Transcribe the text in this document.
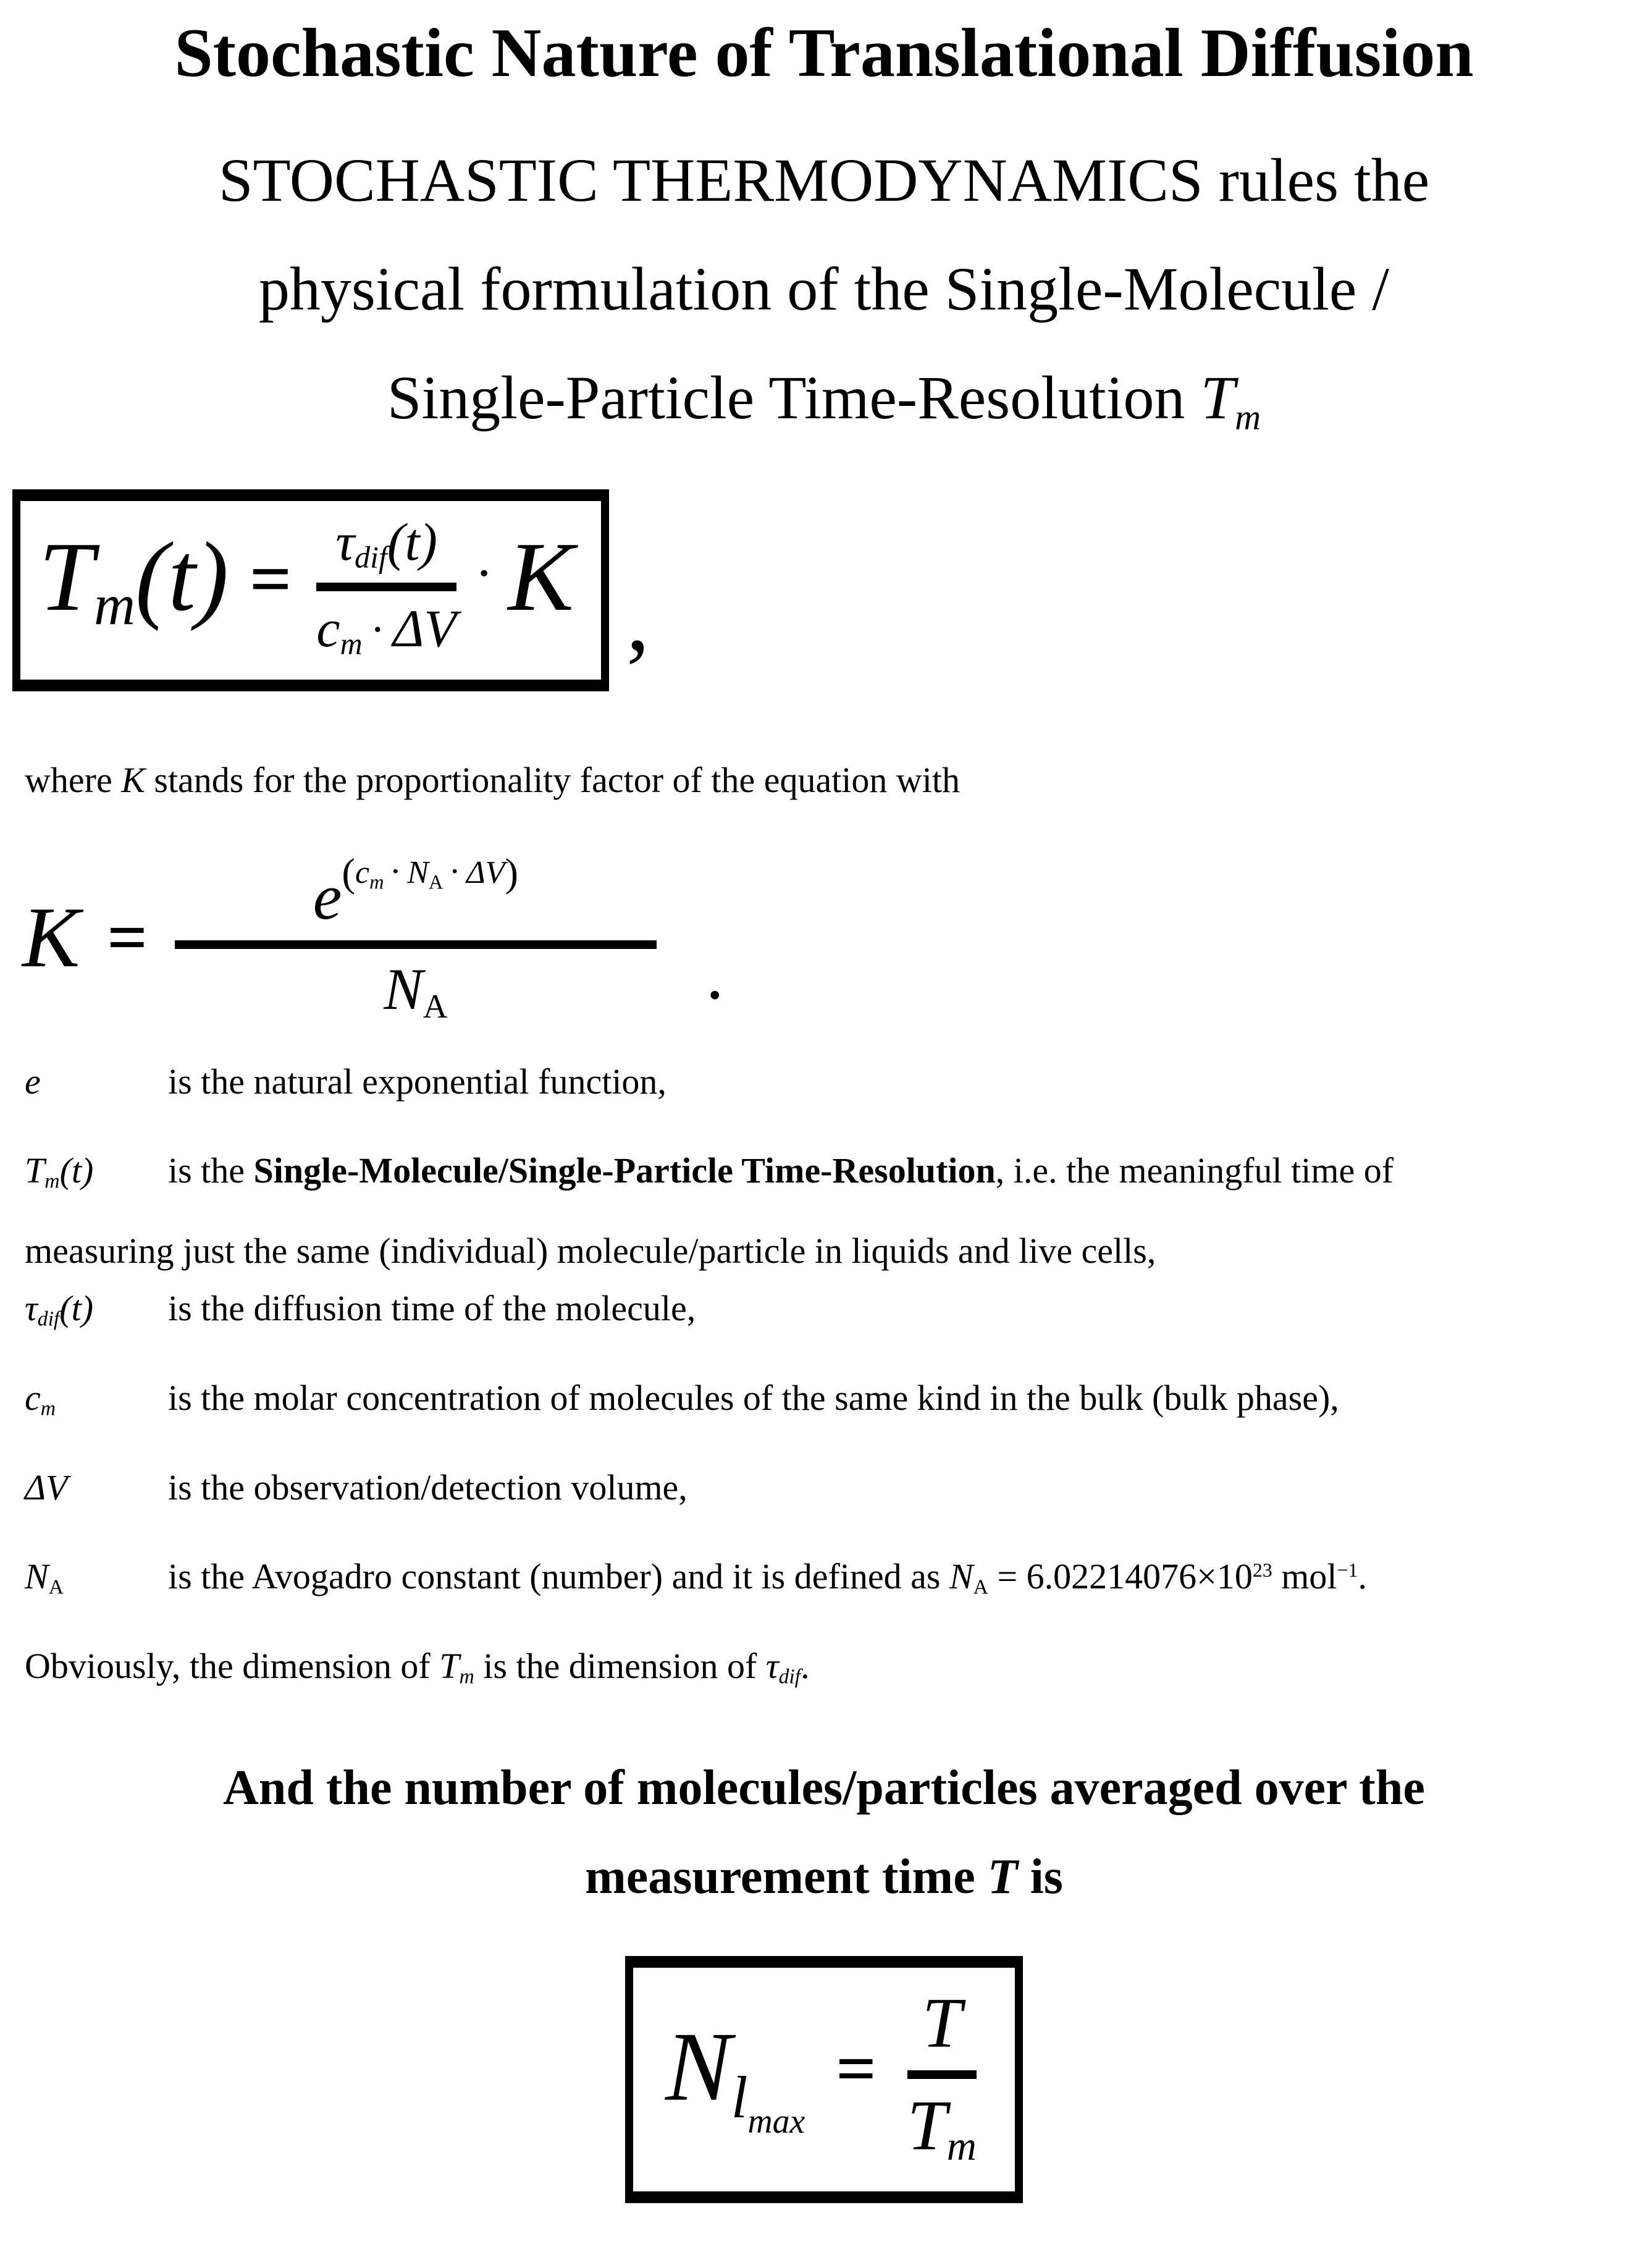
Stochastic Nature of Translational Diffusion
STOCHASTIC THERMODYNAMICS rules the
physical formulation of the Single-Molecule /
Single-Particle Time-Resolution Tm
$T_m(t) = \tau_{dif}(t)$
$c_m \cdot \Delta V$
· K ,
where K stands for the proportionality factor of the equation with
K =
$e^{(c_m \cdot N_A \cdot \Delta V)}$
$N_A$	.
e	is the natural exponential function,
$T_m(t)$ is the Single-Molecule/Single-Particle Time-Resolution, i.e. the meaningful time of
measuring just the same (individual) molecule/particle in liquids and live cells,
$\tau_{dif}(t)$ is the diffusion time of the molecule,
$c_m$	is the molar concentration of molecules of the same kind in the bulk (bulk phase),
ΔV	is the observation/detection volume,
$N_A$	is the Avogadro constant (number) and it is defined as $N_A = 6.02214076\times 10^{23}$ mol$^{-1}$.
Obviously, the dimension of $T_m$ is the dimension of $\tau_{dif}$.
And the number of molecules/particles averaged over the
measurement time T is
$Nl_{max}=$
T
$T_m$
